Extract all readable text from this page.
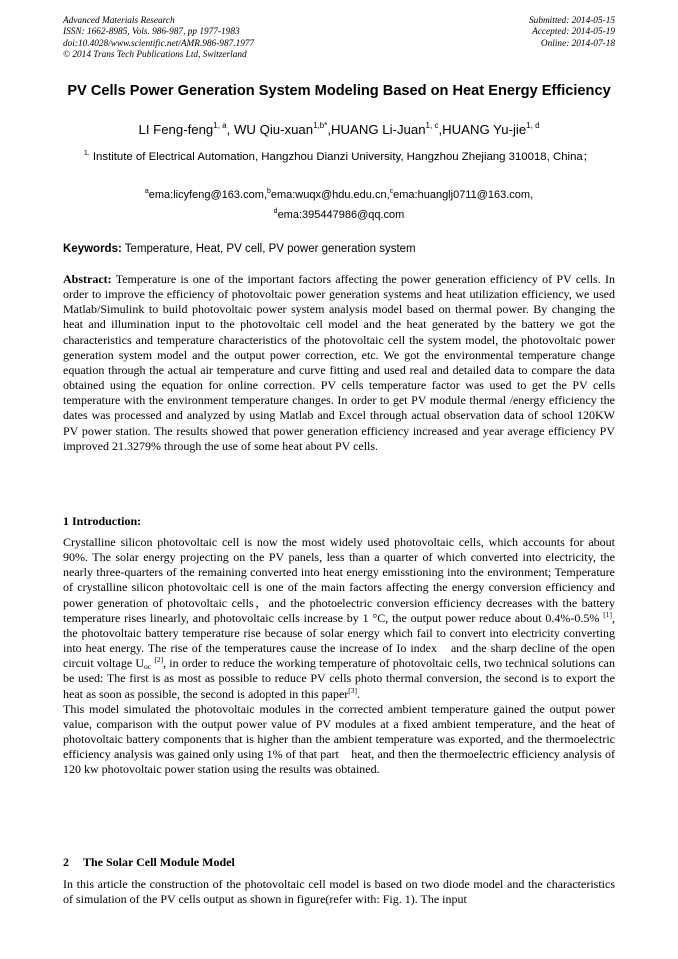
Advanced Materials Research
ISSN: 1662-8985, Vols. 986-987, pp 1977-1983
doi:10.4028/www.scientific.net/AMR.986-987.1977
© 2014 Trans Tech Publications Ltd, Switzerland
Submitted: 2014-05-15
Accepted: 2014-05-19
Online: 2014-07-18
PV Cells Power Generation System Modeling Based on Heat Energy Efficiency
LI Feng-feng$^{1, a}$, WU Qiu-xuan$^{1,b*}$,HUANG Li-Juan$^{1, c}$,HUANG Yu-jie$^{1, d}$
$^{1.}$ Institute of Electrical Automation, Hangzhou Dianzi University, Hangzhou Zhejiang 310018, China；
$^a$ema:licyfeng@163.com,$^b$ema:wuqx@hdu.edu.cn,$^c$ema:huanglj0711@163.com,
$^d$ema:395447986@qq.com
Keywords: Temperature, Heat, PV cell, PV power generation system
Abstract: Temperature is one of the important factors affecting the power generation efficiency of PV cells. In order to improve the efficiency of photovoltaic power generation systems and heat utilization efficiency, we used Matlab/Simulink to build photovoltaic power system analysis model based on thermal power. By changing the heat and illumination input to the photovoltaic cell model and the heat generated by the battery we got the characteristics and temperature characteristics of the photovoltaic cell the system model, the photovoltaic power generation system model and the output power correction, etc. We got the environmental temperature change equation through the actual air temperature and curve fitting and used real and detailed data to compare the data obtained using the equation for online correction. PV cells temperature factor was used to get the PV cells temperature with the environment temperature changes. In order to get PV module thermal /energy efficiency the dates was processed and analyzed by using Matlab and Excel through actual observation data of school 120KW PV power station. The results showed that power generation efficiency increased and year average efficiency PV improved 21.3279% through the use of some heat about PV cells.
1 Introduction:
Crystalline silicon photovoltaic cell is now the most widely used photovoltaic cells, which accounts for about 90%. The solar energy projecting on the PV panels, less than a quarter of which converted into electricity, the nearly three-quarters of the remaining converted into heat energy emisstioning into the environment; Temperature of crystalline silicon photovoltaic cell is one of the main factors affecting the energy conversion efficiency and power generation of photovoltaic cells，and the photoelectric conversion efficiency decreases with the battery temperature rises linearly, and photovoltaic cells increase by 1 °C, the output power reduce about 0.4%-0.5% [1],　the photovoltaic battery temperature rise because of solar energy which fail to convert into electricity converting into heat energy. The rise of the temperatures cause the increase of Io index　and the sharp decline of the open circuit voltage $U_{oc}$ [2], in order to reduce the working temperature of photovoltaic cells, two technical solutions can be used: The first is as most as possible to reduce PV cells photo thermal conversion, the second is to export the heat as soon as possible, the second is adopted in this paper[3].
This model simulated the photovoltaic modules in the corrected ambient temperature gained the output power value, comparison with the output power value of PV modules at a fixed ambient temperature, and the heat of photovoltaic battery components that is higher than the ambient temperature was exported, and the thermoelectric efficiency analysis was gained only using 1% of that part　heat, and then the thermoelectric efficiency analysis of 120 kw photovoltaic power station using the results was obtained.
2 The Solar Cell Module Model
In this article the construction of the photovoltaic cell model is based on two diode model and the characteristics of simulation of the PV cells output as shown in figure(refer with: Fig. 1). The input
